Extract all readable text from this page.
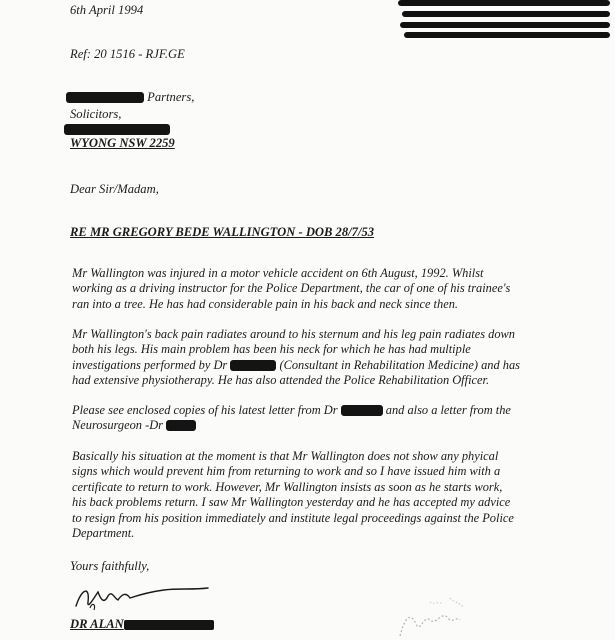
6th April 1994
Ref: 20 1516 - RJF.GE
Partners,
Solicitors,
WYONG NSW 2259
Dear Sir/Madam,
RE MR GREGORY BEDE WALLINGTON - DOB 28/7/53
Mr Wallington was injured in a motor vehicle accident on 6th August, 1992. Whilst
working as a driving instructor for the Police Department, the car of one of his trainee's
ran into a tree. He has had considerable pain in his back and neck since then.
Mr Wallington's back pain radiates around to his sternum and his leg pain radiates down
both his legs. His main problem has been his neck for which he has had multiple
investigations performed by Dr	(Consultant in Rehabilitation Medicine) and has
had extensive physiotherapy. He has also attended the Police Rehabilitation Officer.
Please see enclosed copies of his latest letter from Dr	and also a letter from the
Neurosurgeon -Dr
Basically his situation at the moment is that Mr Wallington does not show any phyical
signs which would prevent him from returning to work and so I have issued him with a
certificate to return to work. However, Mr Wallington insists as soon as he starts work,
his back problems return. I saw Mr Wallington yesterday and he has accepted my advice
to resign from his position immediately and institute legal proceedings against the Police
Department.
Yours faithfully,
DR ALAN
